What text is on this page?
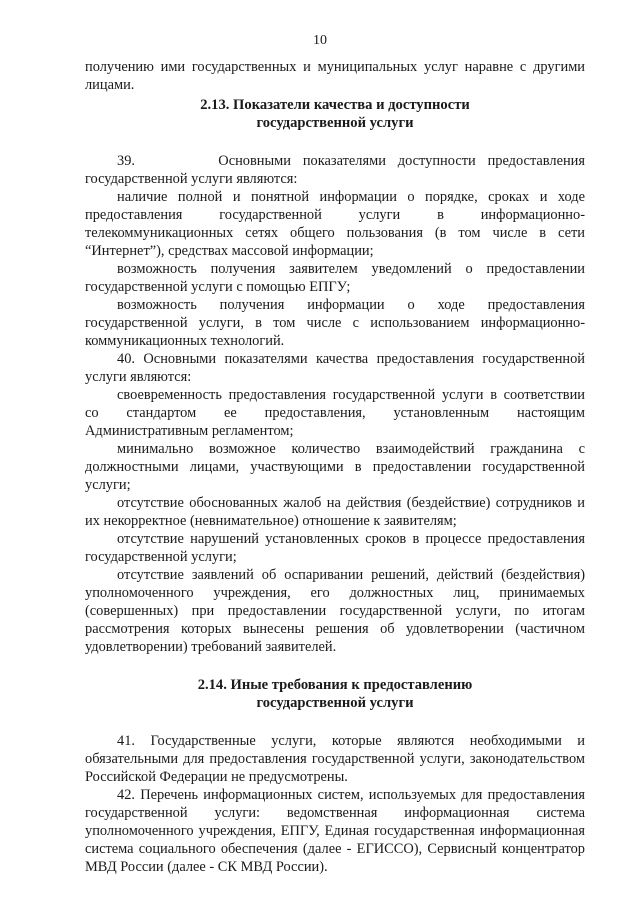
10

получению ими государственных и муниципальных услуг наравне с другими лицами.

2.13. Показатели качества и доступности

государственной услуги

39.       Основными показателями доступности предоставления государственной услуги являются:

наличие полной и понятной информации о порядке, сроках и ходе предоставления государственной услуги в информационно-телекоммуникационных сетях общего пользования (в том числе в сети “Интернет”), средствах массовой информации;

возможность получения заявителем уведомлений о предоставлении государственной услуги с помощью ЕПГУ;

возможность получения информации о ходе предоставления государственной услуги, в том числе с использованием информационно-коммуникационных технологий.

40. Основными показателями качества предоставления государственной услуги являются:

своевременность предоставления государственной услуги в соответствии со стандартом ее предоставления, установленным настоящим Административным регламентом;

минимально возможное количество взаимодействий гражданина с должностными лицами, участвующими в предоставлении государственной услуги;

отсутствие обоснованных жалоб на действия (бездействие) сотрудников и их некорректное (невнимательное) отношение к заявителям;

отсутствие нарушений установленных сроков в процессе предоставления государственной услуги;

отсутствие заявлений об оспаривании решений, действий (бездействия) уполномоченного учреждения, его должностных лиц, принимаемых (совершенных) при предоставлении государственной услуги, по итогам рассмотрения которых вынесены решения об удовлетворении (частичном удовлетворении) требований заявителей.

2.14. Иные требования к предоставлению

государственной услуги

41. Государственные услуги, которые являются необходимыми и обязательными для предоставления государственной услуги, законодательством Российской Федерации не предусмотрены.

42. Перечень информационных систем, используемых для предоставления государственной услуги: ведомственная информационная система уполномоченного учреждения, ЕПГУ, Единая государственная информационная система социального обеспечения (далее - ЕГИССО), Сервисный концентратор МВД России (далее - СК МВД России).
